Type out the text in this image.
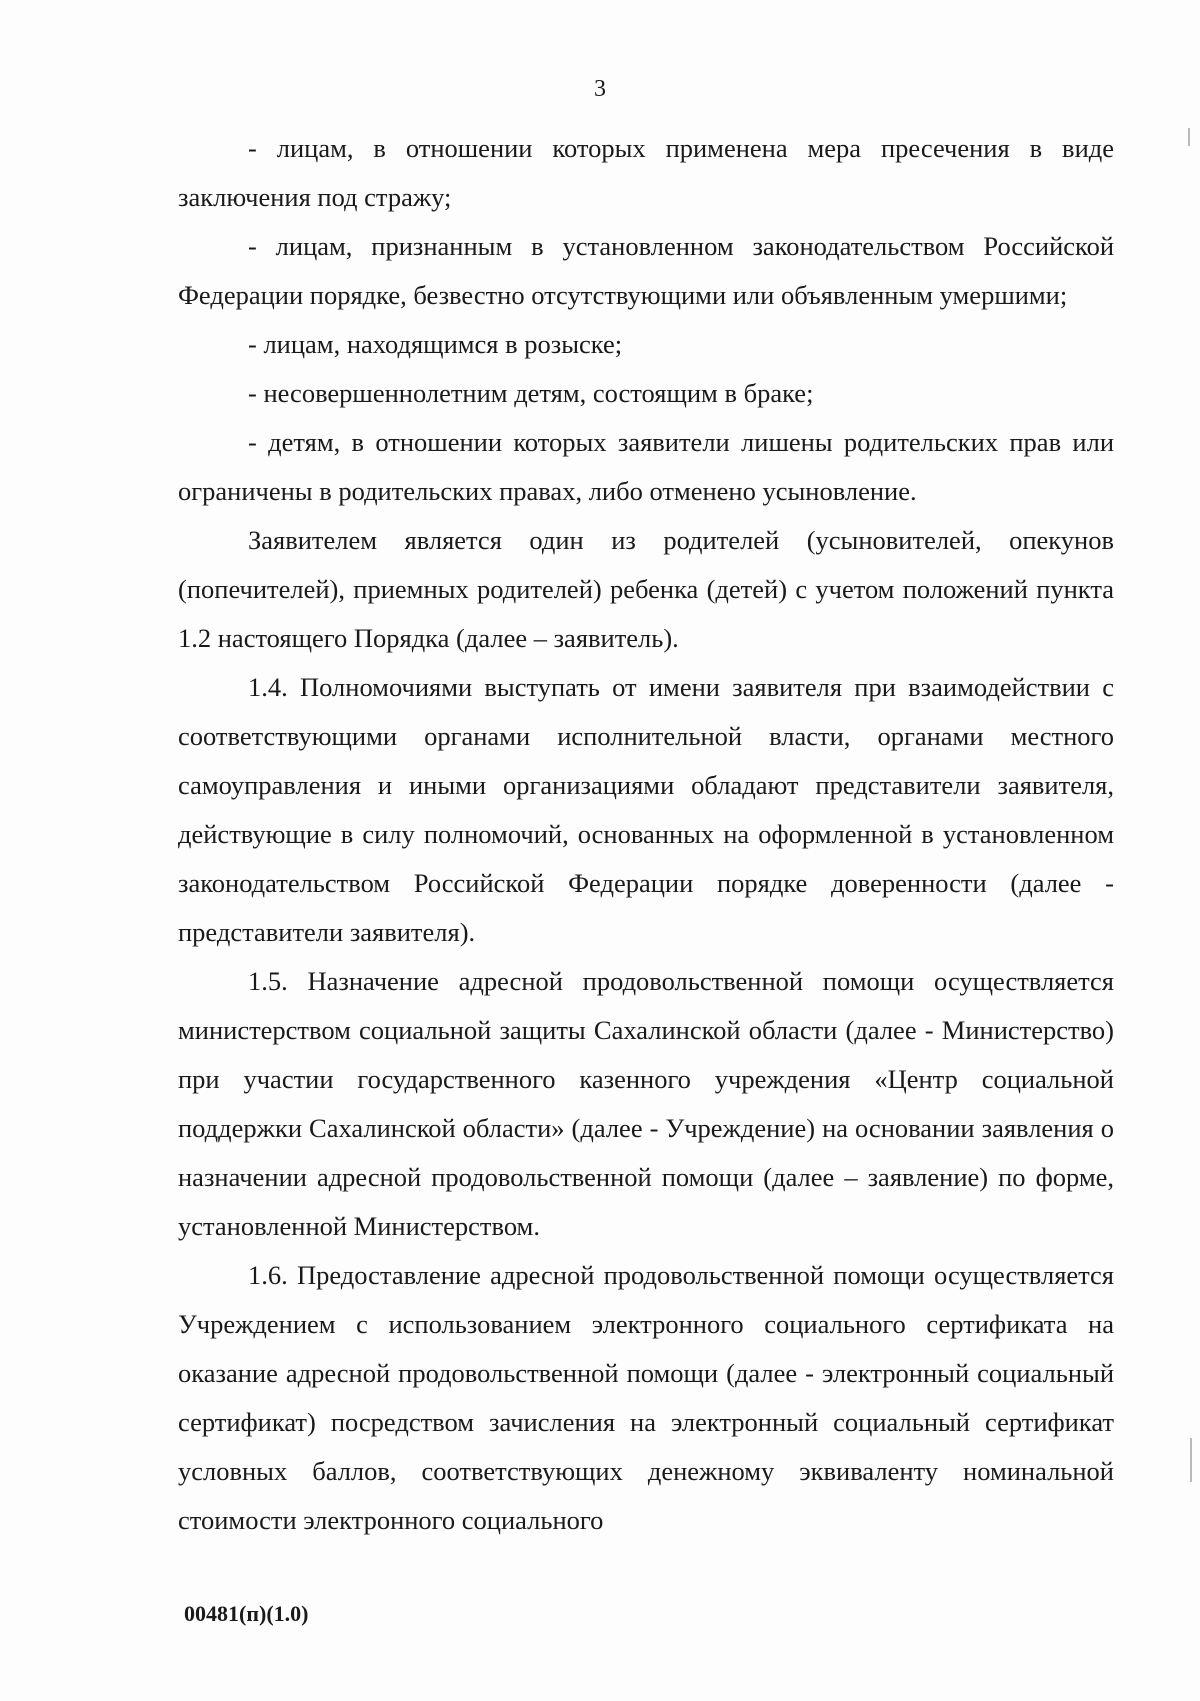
3

- лицам, в отношении которых применена мера пресечения в виде заключения под стражу;

- лицам, признанным в установленном законодательством Российской Федерации порядке, безвестно отсутствующими или объявленным умершими;

- лицам, находящимся в розыске;

- несовершеннолетним детям, состоящим в браке;

- детям, в отношении которых заявители лишены родительских прав или ограничены в родительских правах, либо отменено усыновление.

Заявителем является один из родителей (усыновителей, опекунов (попечителей), приемных родителей) ребенка (детей) с учетом положений пункта 1.2 настоящего Порядка (далее – заявитель).

1.4. Полномочиями выступать от имени заявителя при взаимодействии с соответствующими органами исполнительной власти, органами местного самоуправления и иными организациями обладают представители заявителя, действующие в силу полномочий, основанных на оформленной в установленном законодательством Российской Федерации порядке доверенности (далее - представители заявителя).

1.5. Назначение адресной продовольственной помощи осуществляется министерством социальной защиты Сахалинской области (далее - Министерство) при участии государственного казенного учреждения «Центр социальной поддержки Сахалинской области» (далее - Учреждение) на основании заявления о назначении адресной продовольственной помощи (далее – заявление) по форме, установленной Министерством.

1.6. Предоставление адресной продовольственной помощи осуществляется Учреждением с использованием электронного социального сертификата на оказание адресной продовольственной помощи (далее - электронный социальный сертификат) посредством зачисления на электронный социальный сертификат условных баллов, соответствующих денежному эквиваленту номинальной стоимости электронного социального

00481(п)(1.0)
